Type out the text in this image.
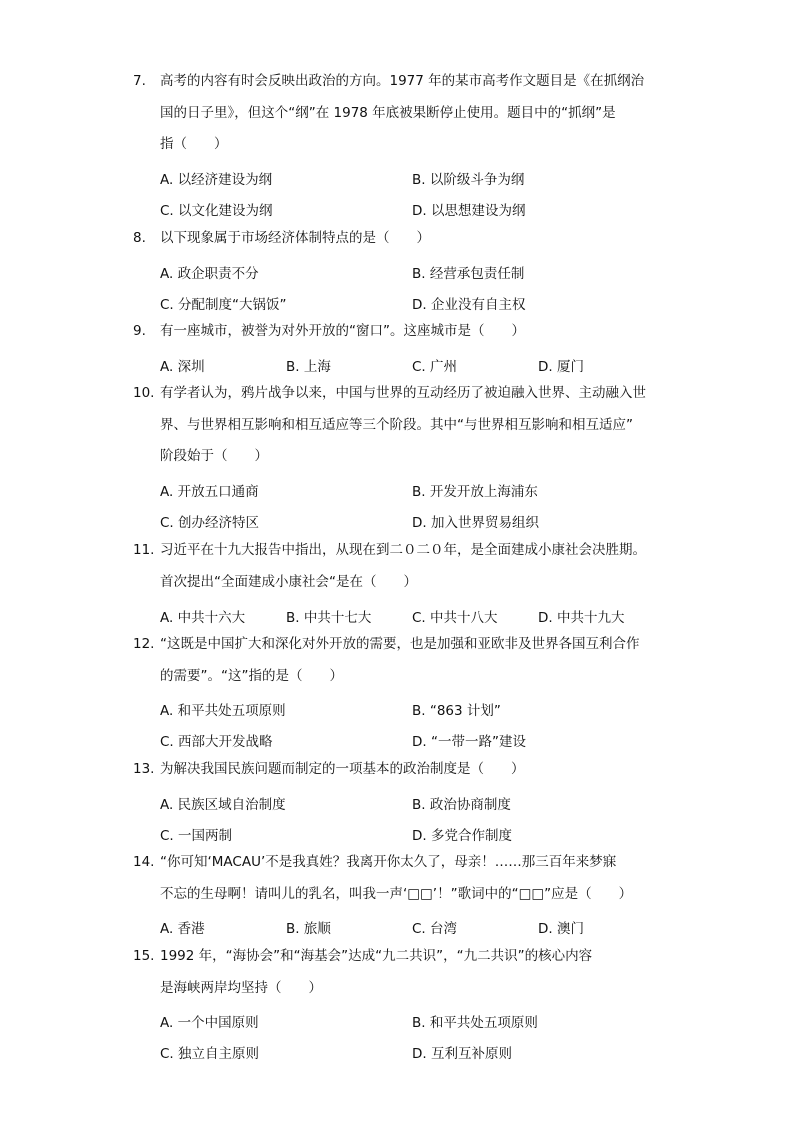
7.	高考的内容有时会反映出政治的方向。1977 年的某市高考作文题目是《在抓纲治
国的日子里》，但这个“纲”在 1978 年底被果断停止使用。题目中的“抓纲”是
指（　　）
A. 以经济建设为纲	B. 以阶级斗争为纲
C. 以文化建设为纲	D. 以思想建设为纲
8.	以下现象属于市场经济体制特点的是（　　）
A. 政企职责不分	B. 经营承包责任制
C. 分配制度“大锅饭”	D. 企业没有自主权
9.	有一座城市，被誉为对外开放的“窗口”。这座城市是（　　）
A. 深圳	B. 上海	C. 广州	D. 厦门
10. 有学者认为，鸦片战争以来，中国与世界的互动经历了被迫融入世界、主动融入世
界、与世界相互影响和相互适应等三个阶段。其中“与世界相互影响和相互适应”
阶段始于（　　）
A. 开放五口通商	B. 开发开放上海浦东
C. 创办经济特区	D. 加入世界贸易组织
11. 习近平在十九大报告中指出，从现在到二０二０年，是全面建成小康社会决胜期。
首次提出“全面建成小康社会“是在（　　）
A. 中共十六大	B. 中共十七大	C. 中共十八大	D. 中共十九大
12. “这既是中国扩大和深化对外开放的需要，也是加强和亚欧非及世界各国互利合作
的需要”。“这”指的是（　　）
A. 和平共处五项原则	B. “863 计划”
C. 西部大开发战略	D. “一带一路”建设
13. 为解决我国民族问题而制定的一项基本的政治制度是（　　）
A. 民族区域自治制度	B. 政治协商制度
C. 一国两制	D. 多党合作制度
14. “你可知‘MACAU’不是我真姓？我离开你太久了，母亲！……那三百年来梦寐
不忘的生母啊！请叫儿的乳名，叫我一声‘□□’！”歌词中的“□□”应是（　　）
A. 香港	B. 旅顺	C. 台湾	D. 澳门
15. 1992 年，“海协会”和“海基会”达成“九二共识”，“九二共识”的核心内容
是海峡两岸均坚持（　　）
A. 一个中国原则	B. 和平共处五项原则
C. 独立自主原则	D. 互利互补原则
